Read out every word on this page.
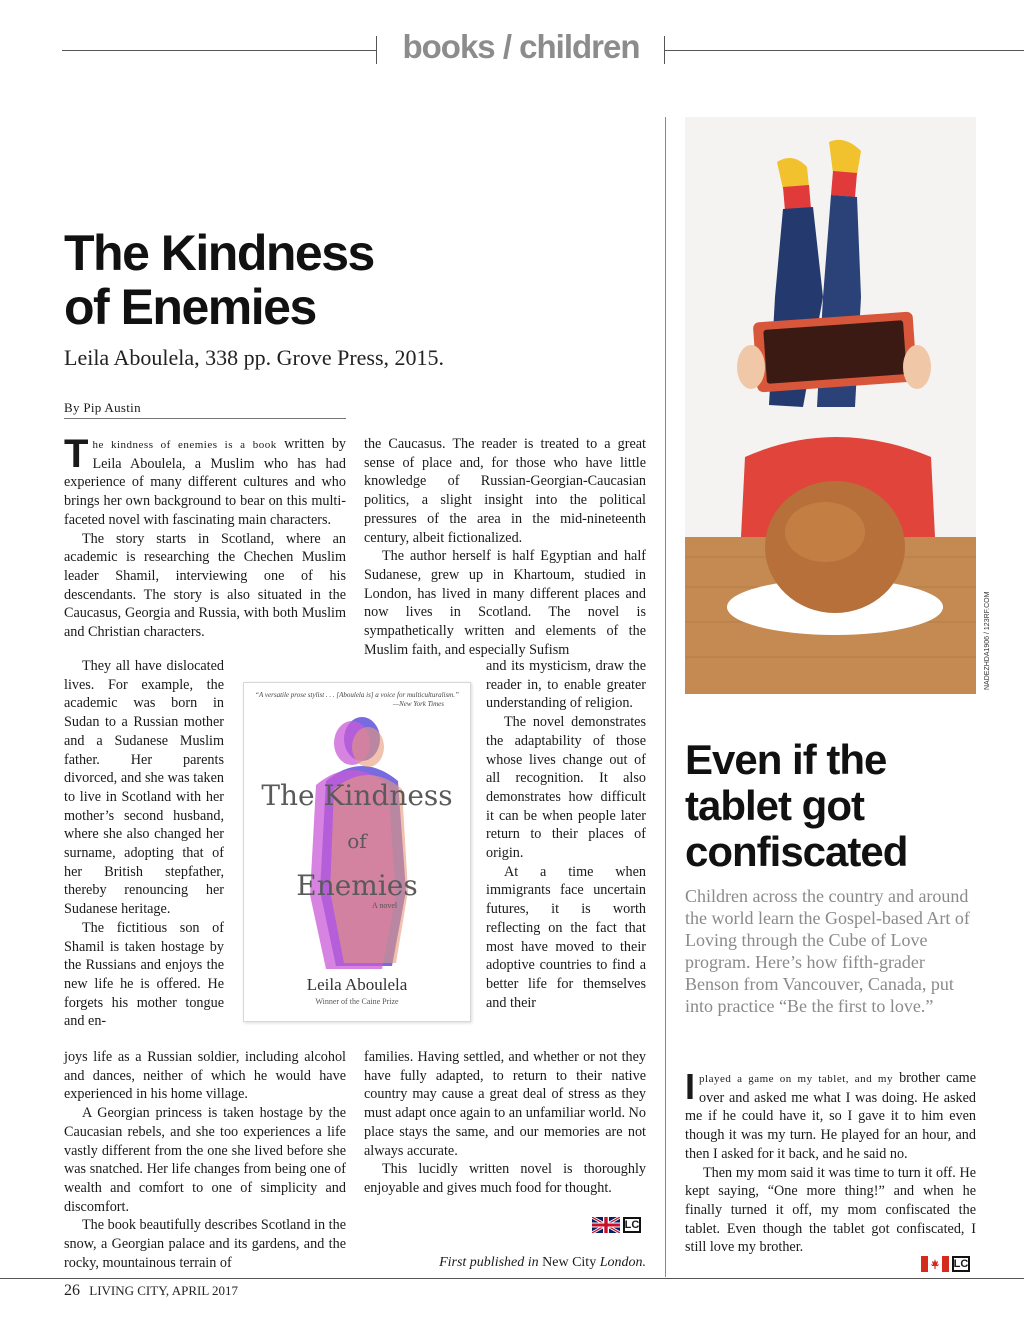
books / children
The Kindness
of Enemies
Leila Aboulela, 338 pp. Grove Press, 2015.
By Pip Austin

The kindness of enemies is a book written by Leila Aboulela, a Muslim who has had experience of many different cultures and who brings her own background to bear on this multi-faceted novel with fascinating main characters.

The story starts in Scotland, where an academic is researching the Chechen Muslim leader Shamil, interviewing one of his descendants. The story is also situated in the Caucasus, Georgia and Russia, with both Muslim and Christian characters.

the Caucasus. The reader is treated to a great sense of place and, for those who have little knowledge of Russian-Georgian-Caucasian politics, a slight insight into the political pressures of the area in the mid-nineteenth century, albeit fictionalized.

The author herself is half Egyptian and half Sudanese, grew up in Khartoum, studied in London, has lived in many different places and now lives in Scotland. The novel is sympathetically written and elements of the Muslim faith, and especially Sufism

They all have dislocated lives. For example, the academic was born in Sudan to a Russian mother and a Sudanese Muslim father. Her parents divorced, and she was taken to live in Scotland with her mother’s second husband, where she also changed her surname, adopting that of her British stepfather, thereby renouncing her Sudanese heritage.

The fictitious son of Shamil is taken hostage by the Russians and enjoys the new life he is offered. He forgets his mother tongue and en-

and its mysticism, draw the reader in, to enable greater understanding of religion.

The novel demonstrates the adaptability of those whose lives change out of all recognition. It also demonstrates how difficult it can be when people later return to their places of origin.

At a time when immigrants face uncertain futures, it is worth reflecting on the fact that most have moved to their adoptive countries to find a better life for themselves and their

joys life as a Russian soldier, including alcohol and dances, neither of which he would have experienced in his home village.

A Georgian princess is taken hostage by the Caucasian rebels, and she too experiences a life vastly different from the one she lived before she was snatched. Her life changes from being one of wealth and comfort to one of simplicity and discomfort.

The book beautifully describes Scotland in the snow, a Georgian palace and its gardens, and the rocky, mountainous terrain of

families. Having settled, and whether or not they have fully adapted, to return to their native country may cause a great deal of stress as they must adapt once again to an unfamiliar world. No place stays the same, and our memories are not always accurate.

This lucidly written novel is thoroughly enjoyable and gives much food for thought.

LC
First published in New City London.
“A versatile prose stylist . . . [Aboulela is] a voice for multiculturalism.”
—New York Times
The Kindness
of
Enemies
A novel
Leila Aboulela
Winner of the Caine Prize
NADEZHDA1906 / 123RF.COM
Even if the
tablet got
confiscated
Children across the country and around the world learn the Gospel-based Art of Loving through the Cube of Love program. Here’s how fifth-grader Benson from Vancouver, Canada, put into practice “Be the first to love.”

Iplayed a game on my tablet, and my brother came over and asked me what I was doing. He asked me if he could have it, so I gave it to him even though it was my turn. He played for an hour, and then I asked for it back, and he said no.

Then my mom said it was time to turn it off. He kept saying, “One more thing!” and when he finally turned it off, my mom confiscated the tablet. Even though the tablet got confiscated, I still love my brother.

LC
26 LIVING CITY, APRIL 2017
